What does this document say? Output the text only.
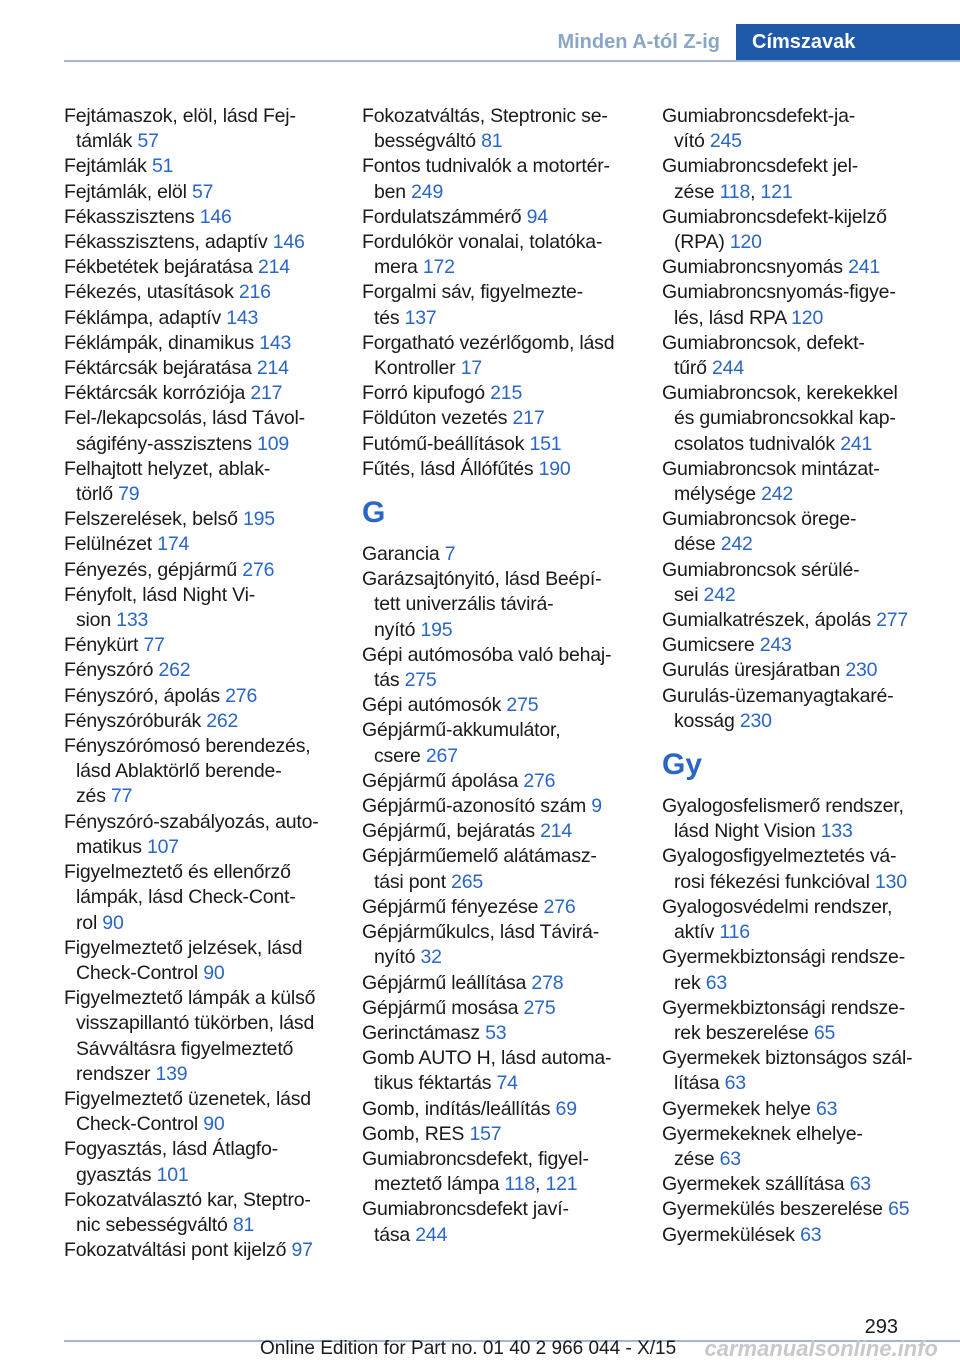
Minden A-tól Z-ig	Címszavak
Fejtámaszok, elöl, lásd Fej-
támlák 57
Fejtámlák 51
Fejtámlák, elöl 57
Fékasszisztens 146
Fékasszisztens, adaptív 146
Fékbetétek bejáratása 214
Fékezés, utasítások 216
Féklámpa, adaptív 143
Féklámpák, dinamikus 143
Féktárcsák bejáratása 214
Féktárcsák korróziója 217
Fel-/lekapcsolás, lásd Távol-
ságifény-asszisztens 109
Felhajtott helyzet, ablak-
törlő 79
Felszerelések, belső 195
Felülnézet 174
Fényezés, gépjármű 276
Fényfolt, lásd Night Vi-
sion 133
Fénykürt 77
Fényszóró 262
Fényszóró, ápolás 276
Fényszóróburák 262
Fényszórómosó berendezés,
lásd Ablaktörlő berende-
zés 77
Fényszóró-szabályozás, auto-
matikus 107
Figyelmeztető és ellenőrző
lámpák, lásd Check-Cont-
rol 90
Figyelmeztető jelzések, lásd
Check-Control 90
Figyelmeztető lámpák a külső
visszapillantó tükörben, lásd
Sávváltásra figyelmeztető
rendszer 139
Figyelmeztető üzenetek, lásd
Check-Control 90
Fogyasztás, lásd Átlagfo-
gyasztás 101
Fokozatválasztó kar, Steptro-
nic sebességváltó 81
Fokozatváltási pont kijelző 97
Fokozatváltás, Steptronic se-
bességváltó 81
Fontos tudnivalók a motortér-
ben 249
Fordulatszámmérő 94
Fordulókör vonalai, tolatóka-
mera 172
Forgalmi sáv, figyelmezte-
tés 137
Forgatható vezérlőgomb, lásd
Kontroller 17
Forró kipufogó 215
Földúton vezetés 217
Futómű-beállítások 151
Fűtés, lásd Állófűtés 190
G
Garancia 7
Garázsajtónyitó, lásd Beépí-
tett univerzális távirá-
nyító 195
Gépi autómosóba való behaj-
tás 275
Gépi autómosók 275
Gépjármű-akkumulátor,
csere 267
Gépjármű ápolása 276
Gépjármű-azonosító szám 9
Gépjármű, bejáratás 214
Gépjárműemelő alátámasz-
tási pont 265
Gépjármű fényezése 276
Gépjárműkulcs, lásd Távirá-
nyító 32
Gépjármű leállítása 278
Gépjármű mosása 275
Gerinctámasz 53
Gomb AUTO H, lásd automa-
tikus féktartás 74
Gomb, indítás/leállítás 69
Gomb, RES 157
Gumiabroncsdefekt, figyel-
meztető lámpa 118, 121
Gumiabroncsdefekt javí-
tása 244
Gumiabroncsdefekt-ja-
vító 245
Gumiabroncsdefekt jel-
zése 118, 121
Gumiabroncsdefekt-kijelző
(RPA) 120
Gumiabroncsnyomás 241
Gumiabroncsnyomás-figye-
lés, lásd RPA 120
Gumiabroncsok, defekt-
tűrő 244
Gumiabroncsok, kerekekkel
és gumiabroncsokkal kap-
csolatos tudnivalók 241
Gumiabroncsok mintázat-
mélysége 242
Gumiabroncsok örege-
dése 242
Gumiabroncsok sérülé-
sei 242
Gumialkatrészek, ápolás 277
Gumicsere 243
Gurulás üresjáratban 230
Gurulás-üzemanyagtakaré-
kosság 230
Gy
Gyalogosfelismerő rendszer,
lásd Night Vision 133
Gyalogosfigyelmeztetés vá-
rosi fékezési funkcióval 130
Gyalogosvédelmi rendszer,
aktív 116
Gyermekbiztonsági rendsze-
rek 63
Gyermekbiztonsági rendsze-
rek beszerelése 65
Gyermekek biztonságos szál-
lítása 63
Gyermekek helye 63
Gyermekeknek elhelye-
zése 63
Gyermekek szállítása 63
Gyermekülés beszerelése 65
Gyermekülések 63
293
Online Edition for Part no. 01 40 2 966 044 - X/15 carmanualsonline.info
